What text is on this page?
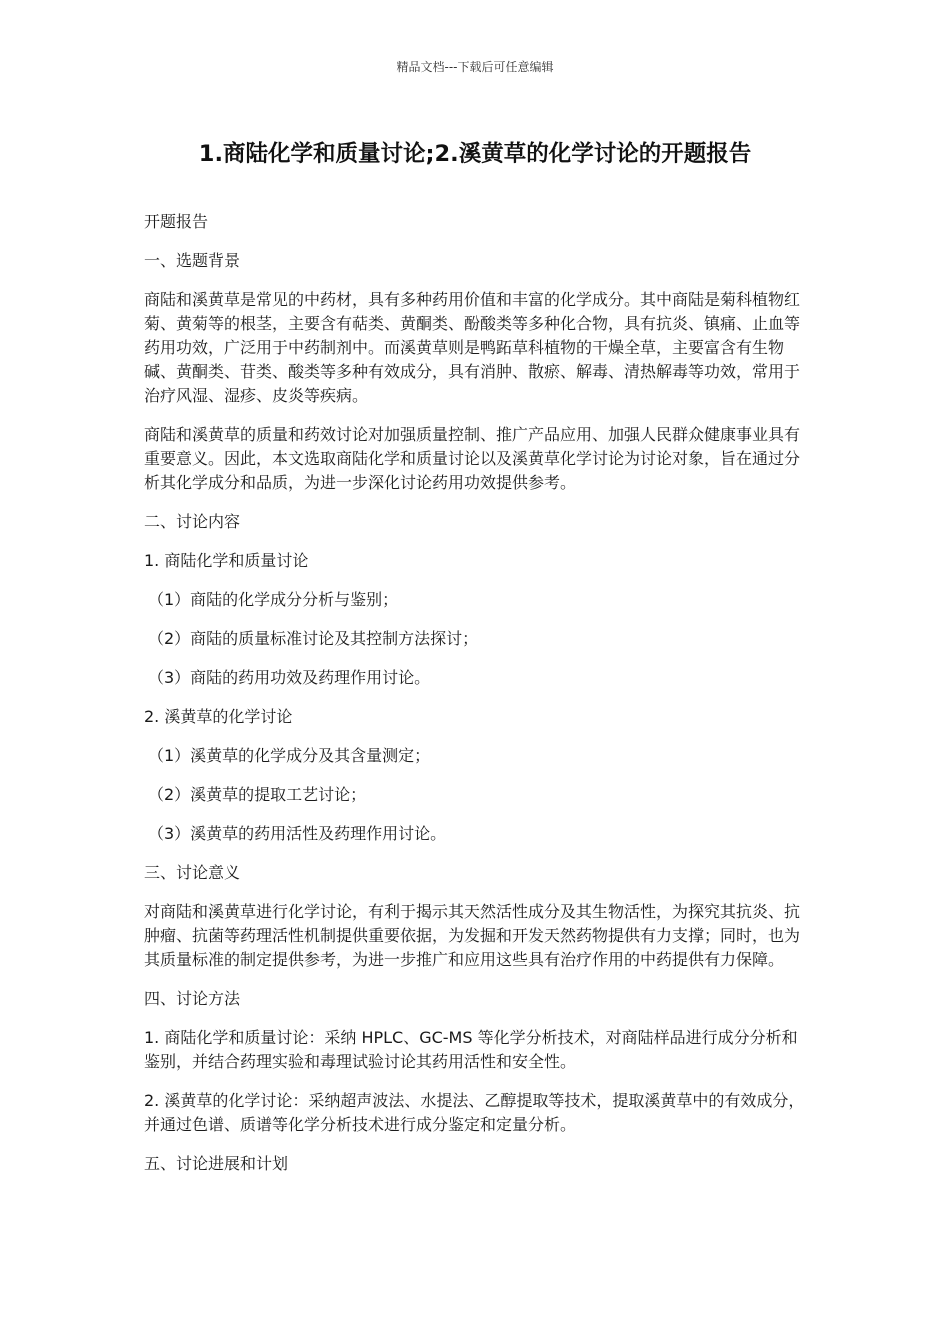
精品文档---下载后可任意编辑
1.商陆化学和质量讨论;2.溪黄草的化学讨论的开题报告

开题报告

一、选题背景

商陆和溪黄草是常见的中药材，具有多种药用价值和丰富的化学成分。其中商陆是菊科植物红菊、黄菊等的根茎，主要含有萜类、黄酮类、酚酸类等多种化合物，具有抗炎、镇痛、止血等药用功效，广泛用于中药制剂中。而溪黄草则是鸭跖草科植物的干燥全草，主要富含有生物碱、黄酮类、苷类、酸类等多种有效成分，具有消肿、散瘀、解毒、清热解毒等功效，常用于治疗风湿、湿疹、皮炎等疾病。

商陆和溪黄草的质量和药效讨论对加强质量控制、推广产品应用、加强人民群众健康事业具有重要意义。因此，本文选取商陆化学和质量讨论以及溪黄草化学讨论为讨论对象，旨在通过分析其化学成分和品质，为进一步深化讨论药用功效提供参考。

二、讨论内容

1. 商陆化学和质量讨论

（1）商陆的化学成分分析与鉴别；

（2）商陆的质量标准讨论及其控制方法探讨；

（3）商陆的药用功效及药理作用讨论。

2. 溪黄草的化学讨论

（1）溪黄草的化学成分及其含量测定；

（2）溪黄草的提取工艺讨论；

（3）溪黄草的药用活性及药理作用讨论。

三、讨论意义

对商陆和溪黄草进行化学讨论，有利于揭示其天然活性成分及其生物活性，为探究其抗炎、抗肿瘤、抗菌等药理活性机制提供重要依据，为发掘和开发天然药物提供有力支撑；同时，也为其质量标准的制定提供参考，为进一步推广和应用这些具有治疗作用的中药提供有力保障。

四、讨论方法

1. 商陆化学和质量讨论：采纳 HPLC、GC-MS 等化学分析技术，对商陆样品进行成分分析和鉴别，并结合药理实验和毒理试验讨论其药用活性和安全性。

2. 溪黄草的化学讨论：采纳超声波法、水提法、乙醇提取等技术，提取溪黄草中的有效成分，并通过色谱、质谱等化学分析技术进行成分鉴定和定量分析。

五、讨论进展和计划
